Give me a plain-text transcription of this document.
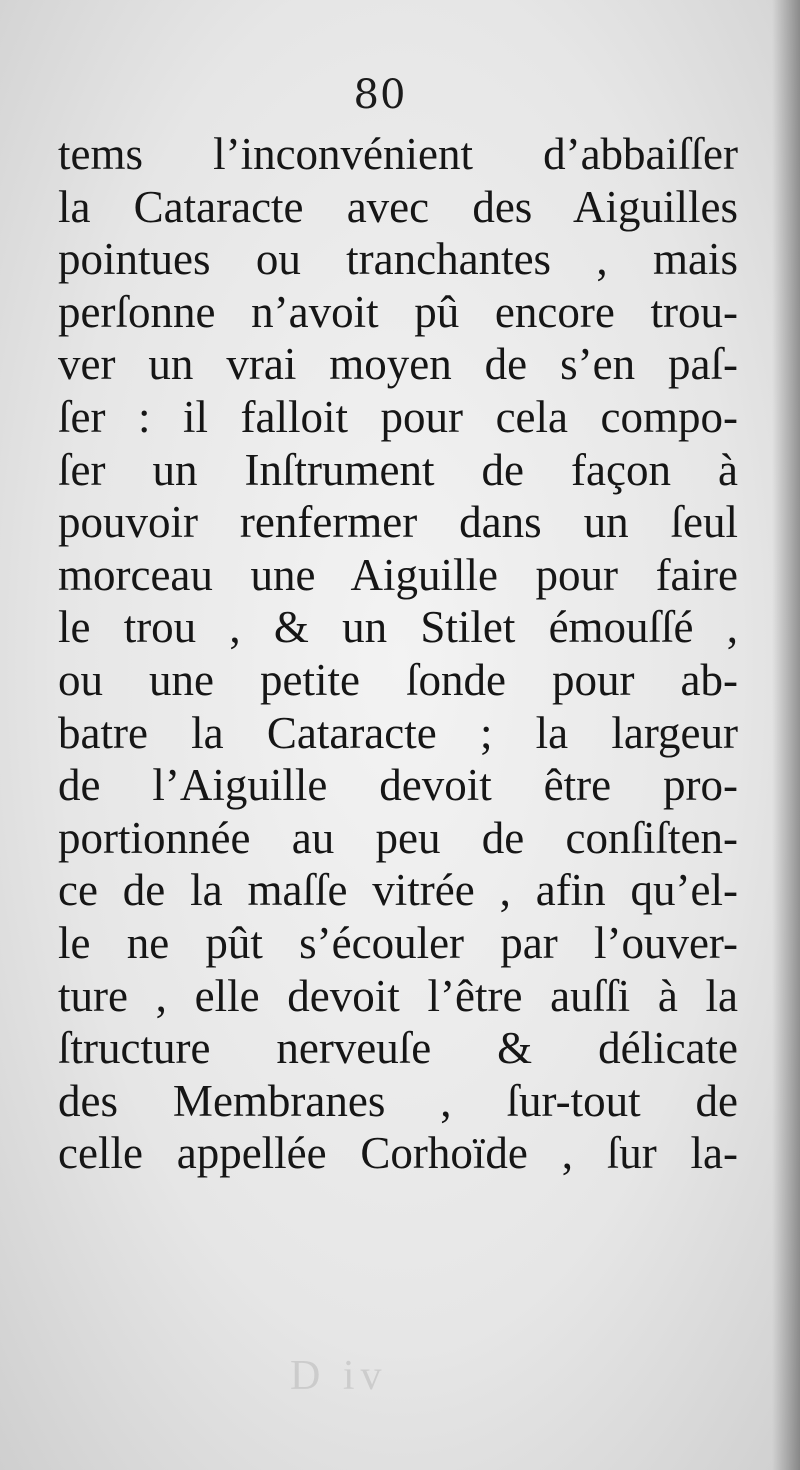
80
tems l’inconvénient d’abbaiſſer
la Cataracte avec des Aiguilles
pointues ou tranchantes , mais
perſonne n’avoit pû encore trou-
ver un vrai moyen de s’en paſ-
ſer : il falloit pour cela compo-
ſer un Inſtrument de façon à
pouvoir renfermer dans un ſeul
morceau une Aiguille pour faire
le trou , & un Stilet émouſſé ,
ou une petite ſonde pour ab-
batre la Cataracte ; la largeur
de l’Aiguille devoit être pro-
portionnée au peu de conſiſten-
ce de la maſſe vitrée , afin qu’el-
le ne pût s’écouler par l’ouver-
ture , elle devoit l’être auſſi à la
ſtructure nerveuſe & délicate
des Membranes , ſur-tout de
celle appellée Corhoïde , ſur la-
D iv
